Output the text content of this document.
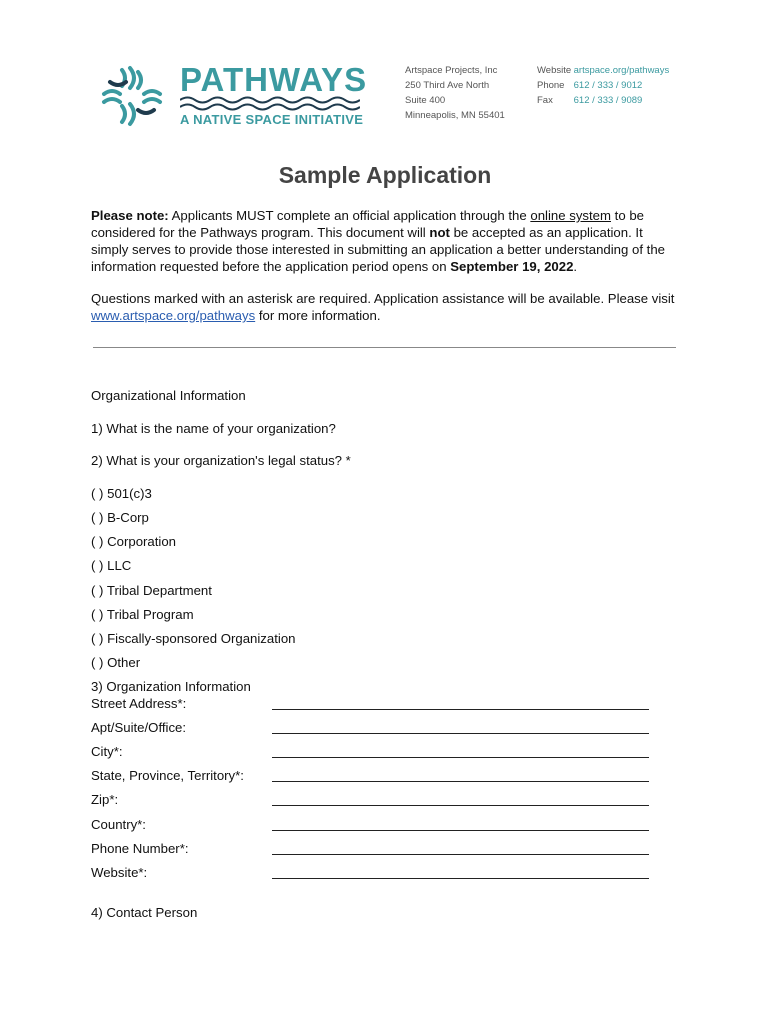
PATHWAYS
A NATIVE SPACE INITIATIVE
Artspace Projects, Inc
250 Third Ave North
Suite 400
Minneapolis, MN 55401
Website artspace.org/pathways
Phone 612 / 333 / 9012
Fax 612 / 333 / 9089
Sample Application
Please note: Applicants MUST complete an official application through the online system to be considered for the Pathways program. This document will not be accepted as an application. It simply serves to provide those interested in submitting an application a better understanding of the information requested before the application period opens on September 19, 2022.
Questions marked with an asterisk are required. Application assistance will be available. Please visit www.artspace.org/pathways for more information.
Organizational Information
1) What is the name of your organization?
2) What is your organization's legal status? *
( ) 501(c)3
( ) B-Corp
( ) Corporation
( ) LLC
( ) Tribal Department
( ) Tribal Program
( ) Fiscally-sponsored Organization
( ) Other
3) Organization Information
Street Address*:
Apt/Suite/Office:
City*:
State, Province, Territory*:
Zip*:
Country*:
Phone Number*:
Website*:
4) Contact Person
